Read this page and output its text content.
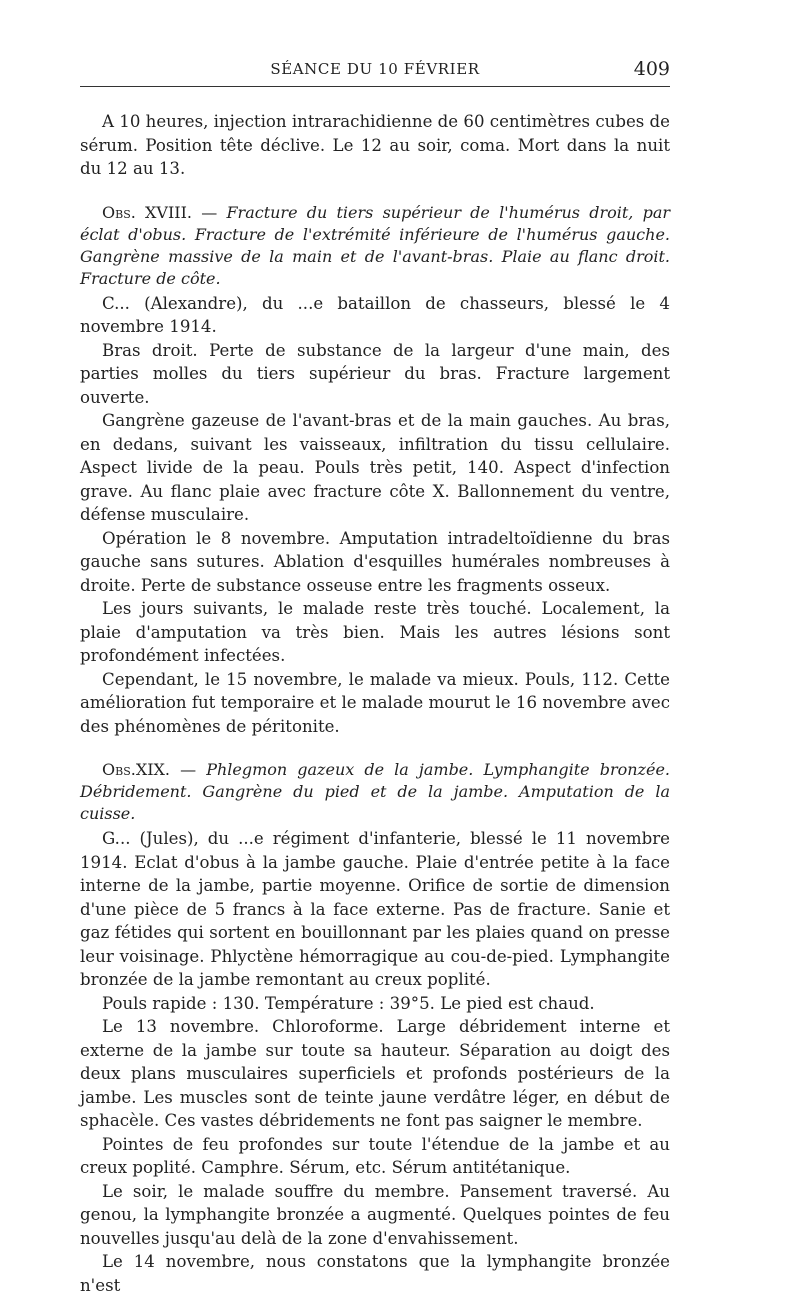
SÉANCE DU 10 FÉVRIER	409

A 10 heures, injection intrarachidienne de 60 centimètres cubes de sérum. Position tête déclive. Le 12 au soir, coma. Mort dans la nuit du 12 au 13.

Obs. XVIII. — Fracture du tiers supérieur de l'humérus droit, par éclat d'obus. Fracture de l'extrémité inférieure de l'humérus gauche. Gangrène massive de la main et de l'avant-bras. Plaie au flanc droit. Fracture de côte.

C... (Alexandre), du ...e bataillon de chasseurs, blessé le 4 novembre 1914.

Bras droit. Perte de substance de la largeur d'une main, des parties molles du tiers supérieur du bras. Fracture largement ouverte.

Gangrène gazeuse de l'avant-bras et de la main gauches. Au bras, en dedans, suivant les vaisseaux, infiltration du tissu cellulaire. Aspect livide de la peau. Pouls très petit, 140. Aspect d'infection grave. Au flanc plaie avec fracture côte X. Ballonnement du ventre, défense musculaire.

Opération le 8 novembre. Amputation intradeltoïdienne du bras gauche sans sutures. Ablation d'esquilles humérales nombreuses à droite. Perte de substance osseuse entre les fragments osseux.

Les jours suivants, le malade reste très touché. Localement, la plaie d'amputation va très bien. Mais les autres lésions sont profondément infectées.

Cependant, le 15 novembre, le malade va mieux. Pouls, 112. Cette amélioration fut temporaire et le malade mourut le 16 novembre avec des phénomènes de péritonite.

Obs.XIX. — Phlegmon gazeux de la jambe. Lymphangite bronzée. Débridement. Gangrène du pied et de la jambe. Amputation de la cuisse.

G... (Jules), du ...e régiment d'infanterie, blessé le 11 novembre 1914. Eclat d'obus à la jambe gauche. Plaie d'entrée petite à la face interne de la jambe, partie moyenne. Orifice de sortie de dimension d'une pièce de 5 francs à la face externe. Pas de fracture. Sanie et gaz fétides qui sortent en bouillonnant par les plaies quand on presse leur voisinage. Phlyctène hémorragique au cou-de-pied. Lymphangite bronzée de la jambe remontant au creux poplité.

Pouls rapide : 130. Température : 39°5. Le pied est chaud.

Le 13 novembre. Chloroforme. Large débridement interne et externe de la jambe sur toute sa hauteur. Séparation au doigt des deux plans musculaires superficiels et profonds postérieurs de la jambe. Les muscles sont de teinte jaune verdâtre léger, en début de sphacèle. Ces vastes débridements ne font pas saigner le membre.

Pointes de feu profondes sur toute l'étendue de la jambe et au creux poplité. Camphre. Sérum, etc. Sérum antitétanique.

Le soir, le malade souffre du membre. Pansement traversé. Au genou, la lymphangite bronzée a augmenté. Quelques pointes de feu nouvelles jusqu'au delà de la zone d'envahissement.

Le 14 novembre, nous constatons que la lymphangite bronzée n'est
